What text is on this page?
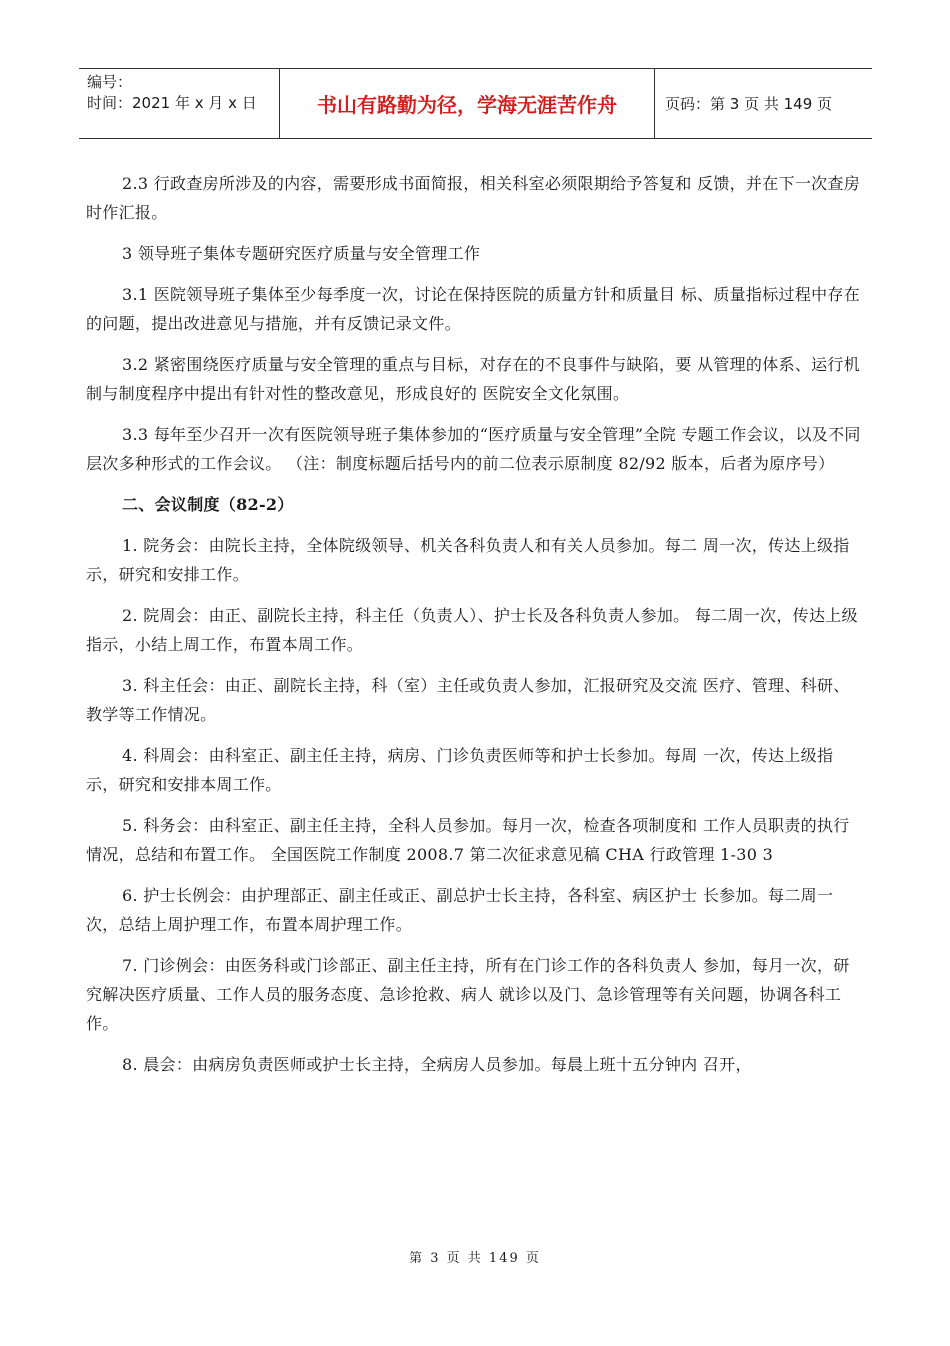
编号：
时间：2021 年 x 月 x 日	书山有路勤为径，学海无涯苦作舟	页码：第 3 页 共 149 页

2.3 行政查房所涉及的内容，需要形成书面简报，相关科室必须限期给予答复和 反馈，并在下一次查房时作汇报。

3 领导班子集体专题研究医疗质量与安全管理工作

3.1 医院领导班子集体至少每季度一次，讨论在保持医院的质量方针和质量目 标、质量指标过程中存在的问题，提出改进意见与措施，并有反馈记录文件。

3.2 紧密围绕医疗质量与安全管理的重点与目标，对存在的不良事件与缺陷，要 从管理的体系、运行机制与制度程序中提出有针对性的整改意见，形成良好的 医院安全文化氛围。

3.3 每年至少召开一次有医院领导班子集体参加的“医疗质量与安全管理”全院 专题工作会议，以及不同层次多种形式的工作会议。 （注：制度标题后括号内的前二位表示原制度 82/92 版本，后者为原序号）

二、会议制度（82-2）

1. 院务会：由院长主持，全体院级领导、机关各科负责人和有关人员参加。每二 周一次，传达上级指示，研究和安排工作。

2. 院周会：由正、副院长主持，科主任（负责人）、护士长及各科负责人参加。 每二周一次，传达上级指示，小结上周工作，布置本周工作。

3. 科主任会：由正、副院长主持，科（室）主任或负责人参加，汇报研究及交流 医疗、管理、科研、教学等工作情况。

4. 科周会：由科室正、副主任主持，病房、门诊负责医师等和护士长参加。每周 一次，传达上级指示，研究和安排本周工作。

5. 科务会：由科室正、副主任主持，全科人员参加。每月一次，检查各项制度和 工作人员职责的执行情况，总结和布置工作。 全国医院工作制度 2008.7 第二次征求意见稿 CHA 行政管理 1-30 3

6. 护士长例会：由护理部正、副主任或正、副总护士长主持，各科室、病区护士 长参加。每二周一次，总结上周护理工作，布置本周护理工作。

7. 门诊例会：由医务科或门诊部正、副主任主持，所有在门诊工作的各科负责人 参加，每月一次，研究解决医疗质量、工作人员的服务态度、急诊抢救、病人 就诊以及门、急诊管理等有关问题，协调各科工作。

8. 晨会：由病房负责医师或护士长主持，全病房人员参加。每晨上班十五分钟内 召开，

第 3 页 共 149 页
